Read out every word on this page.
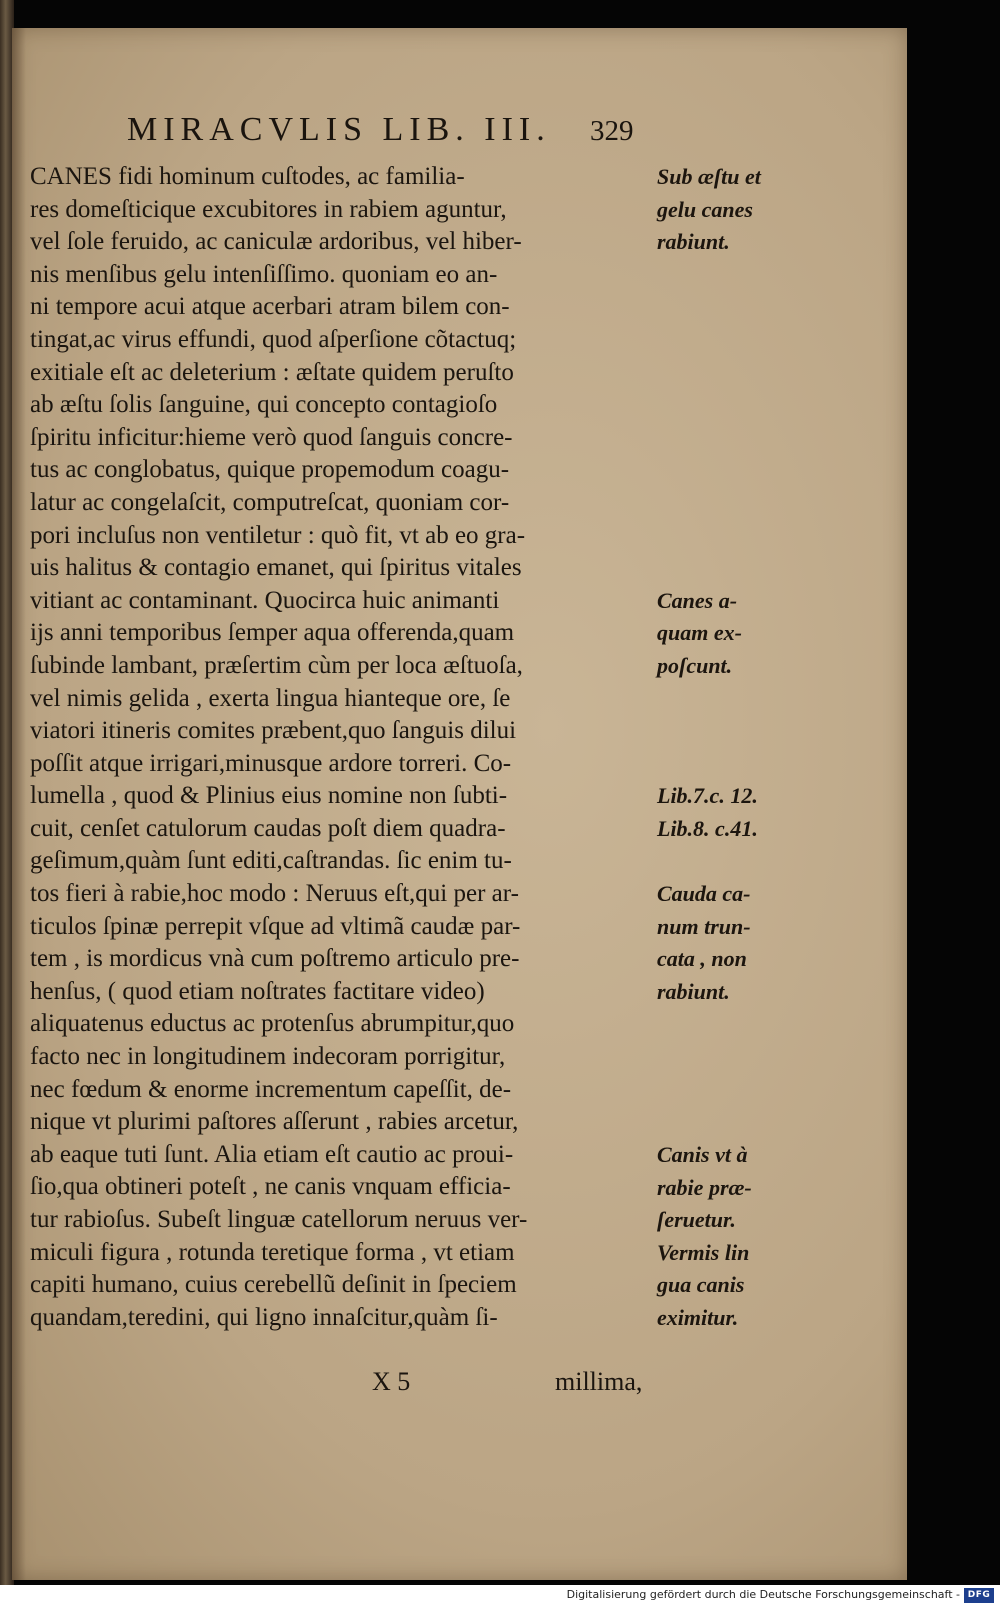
MIRACVLIS LIB. III. 329
CANES fidi hominum cuſtodes, ac familia-
res domeſticique excubitores in rabiem aguntur,
vel ſole feruido, ac caniculæ ardoribus, vel hiber-
nis menſibus gelu intenſiſſimo. quoniam eo an-
ni tempore acui atque acerbari atram bilem con-
tingat,ac virus effundi, quod aſperſione cõtactuq;
exitiale eſt ac deleterium : æſtate quidem peruſto
ab æſtu ſolis ſanguine, qui concepto contagioſo
ſpiritu inficitur:hieme verò quod ſanguis concre-
tus ac conglobatus, quique propemodum coagu-
latur ac congelaſcit, computreſcat, quoniam cor-
pori incluſus non ventiletur : quò fit, vt ab eo gra-
uis halitus & contagio emanet, qui ſpiritus vitales
vitiant ac contaminant. Quocirca huic animanti
ijs anni temporibus ſemper aqua offerenda,quam
ſubinde lambant, præſertim cùm per loca æſtuoſa,
vel nimis gelida , exerta lingua hianteque ore, ſe
viatori itineris comites præbent,quo ſanguis dilui
poſſit atque irrigari,minusque ardore torreri. Co-
lumella , quod & Plinius eius nomine non ſubti-
cuit, cenſet catulorum caudas poſt diem quadra-
geſimum,quàm ſunt editi,caſtrandas. ſic enim tu-
tos fieri à rabie,hoc modo : Neruus eſt,qui per ar-
ticulos ſpinæ perrepit vſque ad vltimã caudæ par-
tem , is mordicus vnà cum poſtremo articulo pre-
henſus, ( quod etiam noſtrates factitare video)
aliquatenus eductus ac protenſus abrumpitur,quo
facto nec in longitudinem indecoram porrigitur,
nec fœdum & enorme incrementum capeſſit, de-
nique vt plurimi paſtores aſſerunt , rabies arcetur,
ab eaque tuti ſunt. Alia etiam eſt cautio ac proui-
ſio,qua obtineri poteſt , ne canis vnquam efficia-
tur rabioſus. Subeſt linguæ catellorum neruus ver-
miculi figura , rotunda teretique forma , vt etiam
capiti humano, cuius cerebellũ deſinit in ſpeciem
quandam,teredini, qui ligno innaſcitur,quàm ſi-
Sub æſtu et
gelu canes
rabiunt.
Canes a-
quam ex-
poſcunt.
Lib.7.c. 12.
Lib.8. c.41.
Cauda ca-
num trun-
cata , non
rabiunt.
Canis vt à
rabie præ-
ſeruetur.
Vermis lin
gua canis
eximitur.
X 5	millima,
Digitalisierung gefördert durch die Deutsche Forschungsgemeinschaft - DFG
